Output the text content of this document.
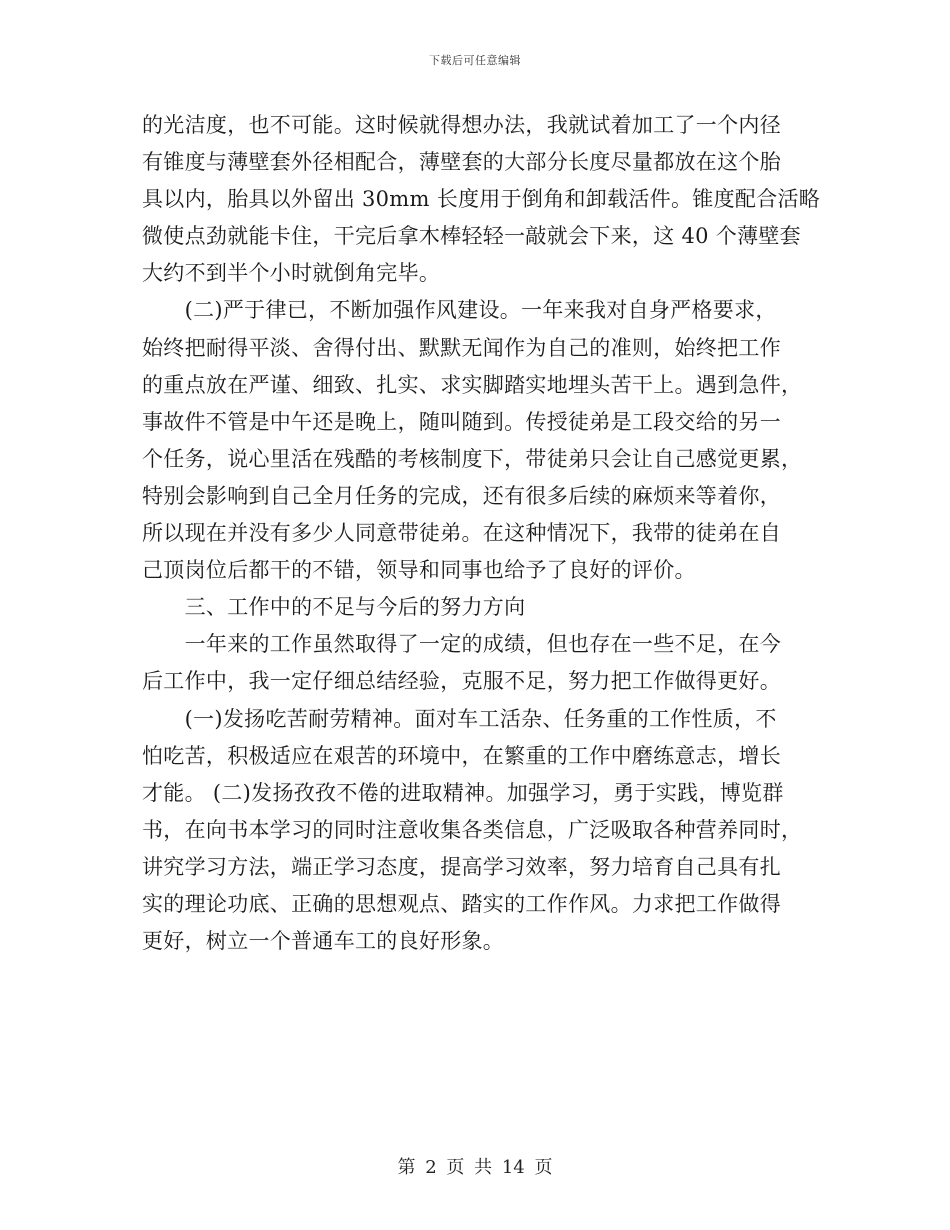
下载后可任意编辑
的光洁度，也不可能。这时候就得想办法，我就试着加工了一个内径
有锥度与薄壁套外径相配合，薄壁套的大部分长度尽量都放在这个胎
具以内，胎具以外留出 30mm 长度用于倒角和卸载活件。锥度配合活略
微使点劲就能卡住，干完后拿木棒轻轻一敲就会下来，这 40 个薄壁套
大约不到半个小时就倒角完毕。
　　(二)严于律已，不断加强作风建设。一年来我对自身严格要求，
始终把耐得平淡、舍得付出、默默无闻作为自己的准则，始终把工作
的重点放在严谨、细致、扎实、求实脚踏实地埋头苦干上。遇到急件，
事故件不管是中午还是晚上，随叫随到。传授徒弟是工段交给的另一
个任务，说心里活在残酷的考核制度下，带徒弟只会让自己感觉更累，
特别会影响到自己全月任务的完成，还有很多后续的麻烦来等着你，
所以现在并没有多少人同意带徒弟。在这种情况下，我带的徒弟在自
己顶岗位后都干的不错，领导和同事也给予了良好的评价。
　　三、工作中的不足与今后的努力方向
　　一年来的工作虽然取得了一定的成绩，但也存在一些不足，在今
后工作中，我一定仔细总结经验，克服不足，努力把工作做得更好。
　　(一)发扬吃苦耐劳精神。面对车工活杂、任务重的工作性质，不
怕吃苦，积极适应在艰苦的环境中，在繁重的工作中磨练意志，增长
才能。 (二)发扬孜孜不倦的进取精神。加强学习，勇于实践，博览群
书，在向书本学习的同时注意收集各类信息，广泛吸取各种营养同时，
讲究学习方法，端正学习态度，提高学习效率，努力培育自己具有扎
实的理论功底、正确的思想观点、踏实的工作作风。力求把工作做得
更好，树立一个普通车工的良好形象。
第 2 页 共 14 页
